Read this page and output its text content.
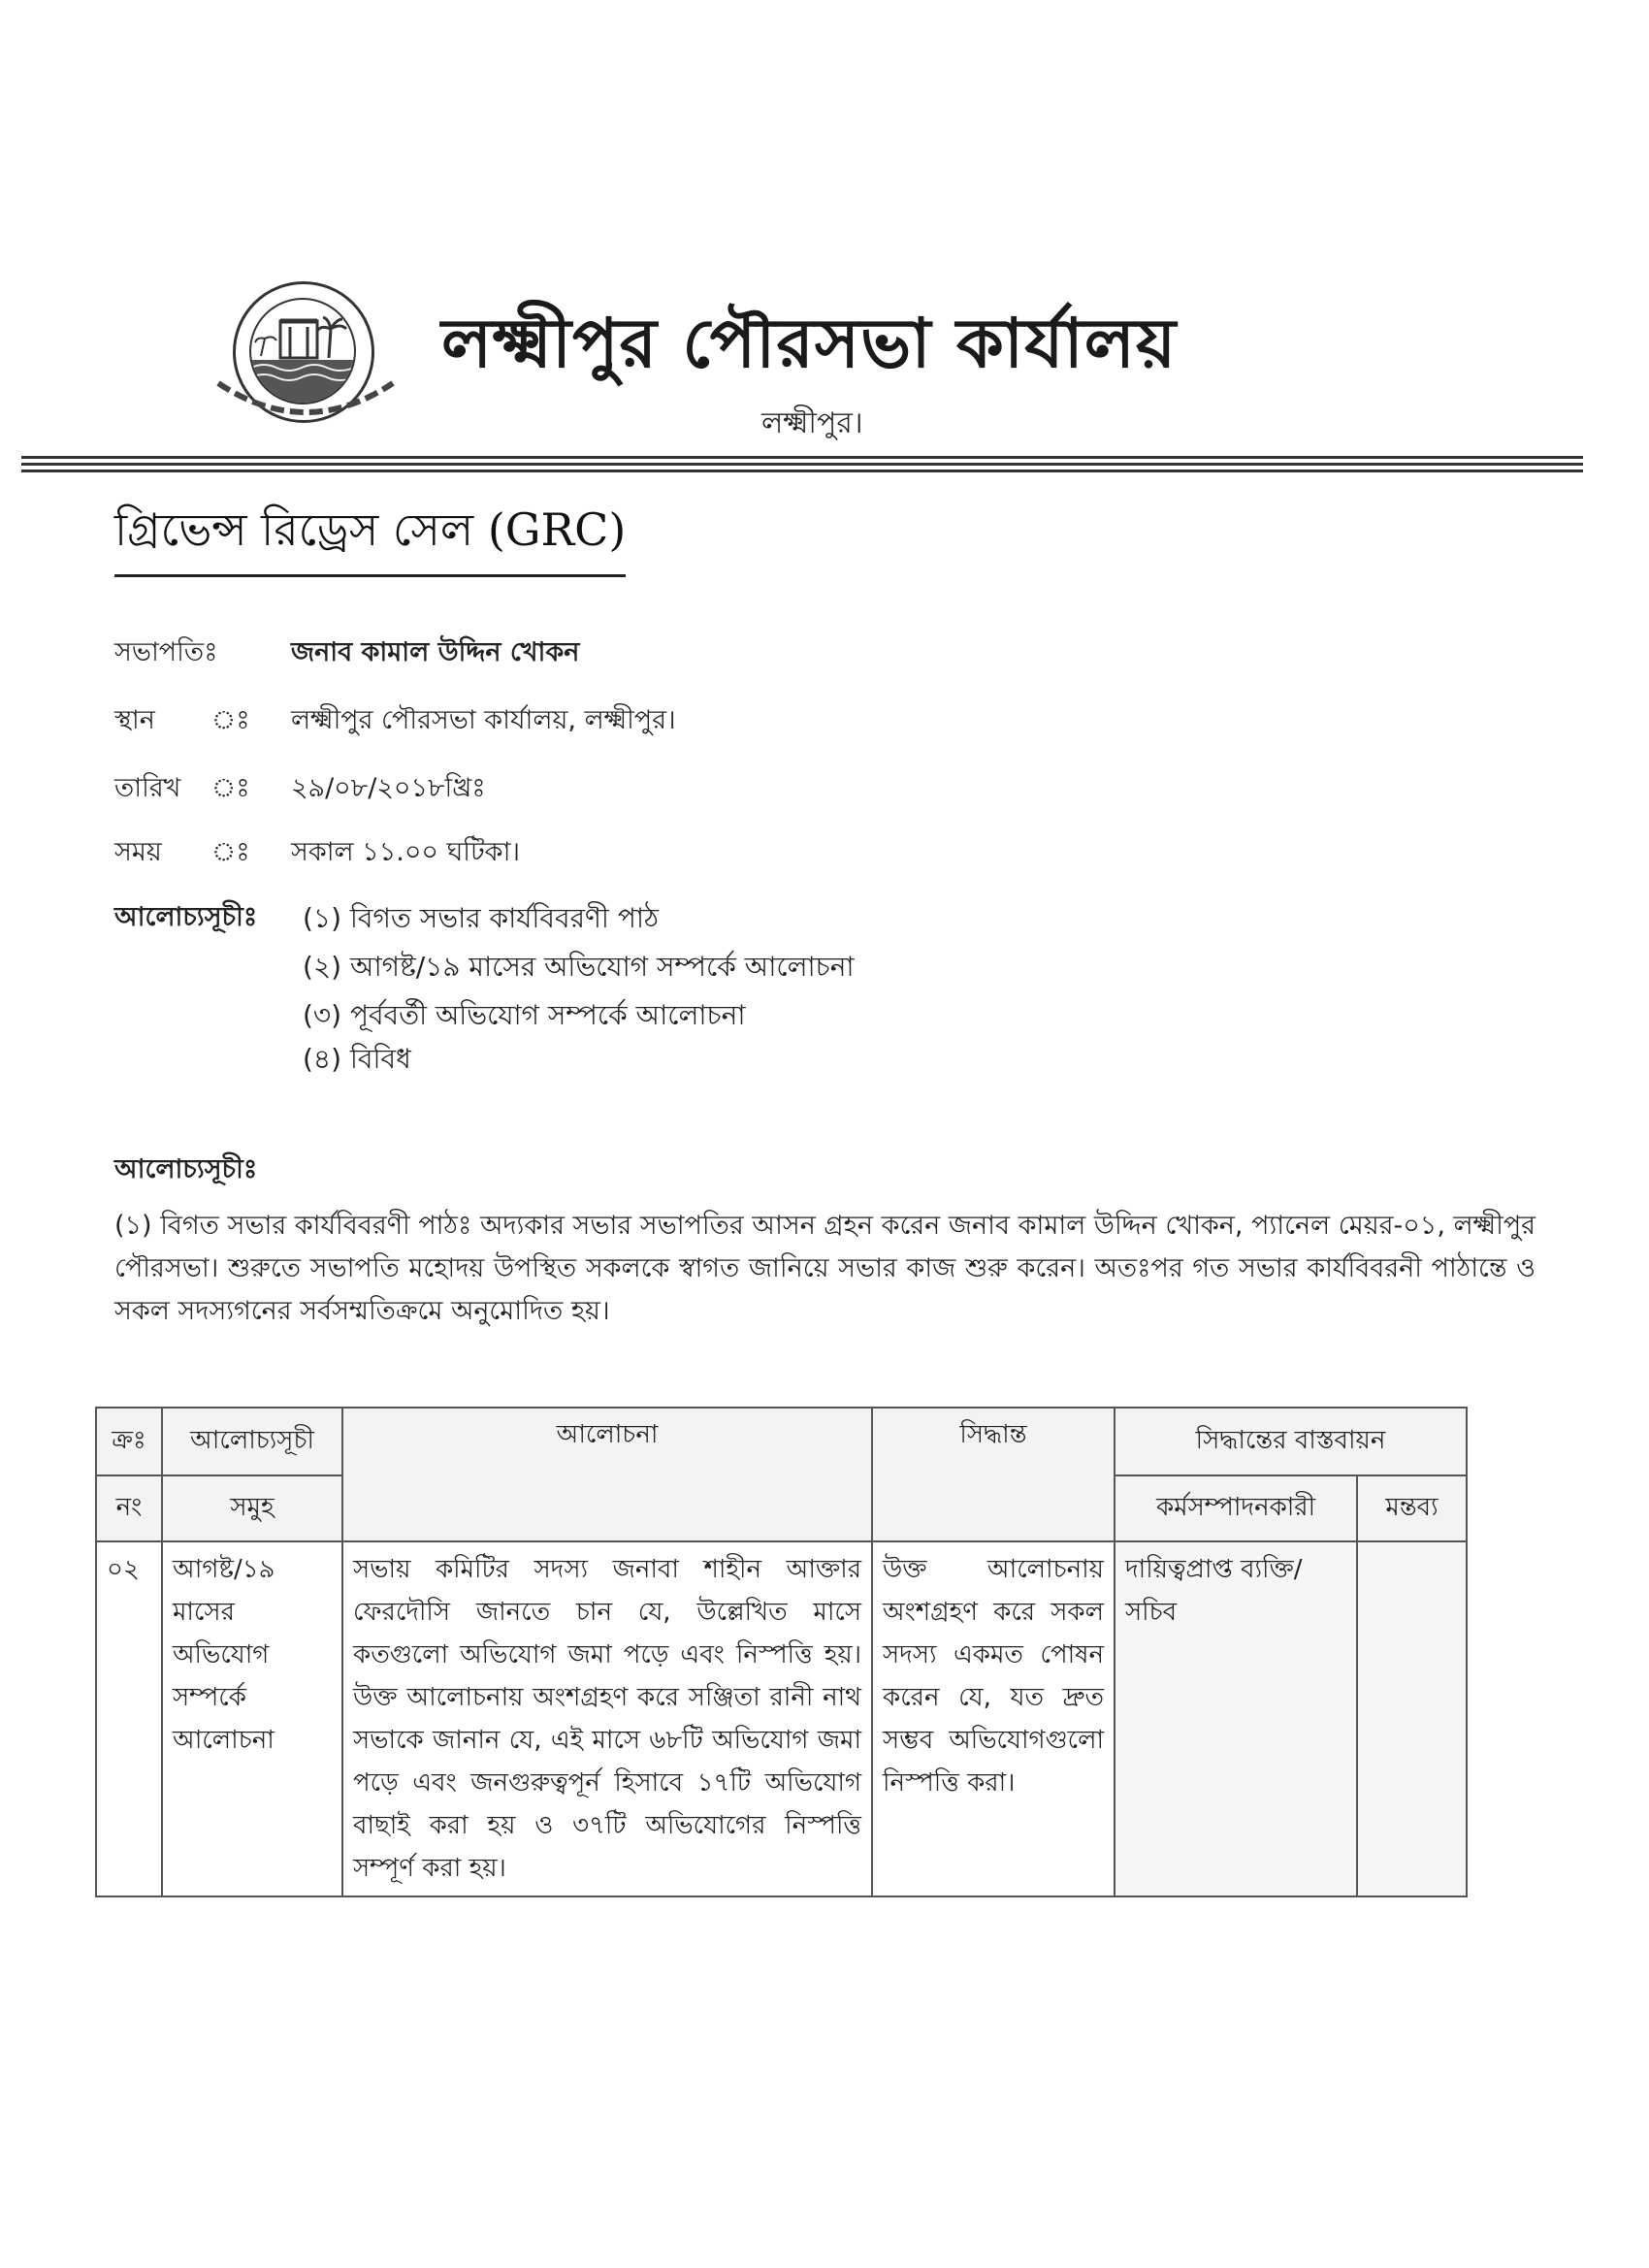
লক্ষ্মীপুর পৌরসভা কার্যালয়
লক্ষ্মীপুর।
গ্রিভেন্স রিড্রেস সেল (GRC)
সভাপতিঃ	জনাব কামাল উদ্দিন খোকন
স্থান ঃ লক্ষ্মীপুর পৌরসভা কার্যালয়, লক্ষ্মীপুর।
তারিখ ঃ ২৯/০৮/২০১৮খ্রিঃ
সময় ঃ সকাল ১১.০০ ঘটিকা।
আলোচ্যসূচীঃ (১) বিগত সভার কার্যবিবরণী পাঠ
(২) আগষ্ট/১৯ মাসের অভিযোগ সম্পর্কে আলোচনা
(৩) পূর্ববর্তী অভিযোগ সম্পর্কে আলোচনা
(৪) বিবিধ
আলোচ্যসূচীঃ
(১) বিগত সভার কার্যবিবরণী পাঠঃ অদ্যকার সভার সভাপতির আসন গ্রহন করেন জনাব কামাল উদ্দিন খোকন, প্যানেল মেয়র-০১, লক্ষ্মীপুর পৌরসভা। শুরুতে সভাপতি মহোদয় উপস্থিত সকলকে স্বাগত জানিয়ে সভার কাজ শুরু করেন। অতঃপর গত সভার কার্যবিবরনী পাঠান্তে ও সকল সদস্যগনের সর্বসম্মতিক্রমে অনুমোদিত হয়।
ক্রঃ	আলোচ্যসূচী	আলোচনা	সিদ্ধান্ত	সিদ্ধান্তের বাস্তবায়ন	
নং	সমুহ			কর্মসম্পাদনকারী	মন্তব্য

০২	আগষ্ট/১৯ মাসের অভিযোগ সম্পর্কে আলোচনা	সভায় কমিটির সদস্য জনাবা শাহীন আক্তার ফেরদৌসি জানতে চান যে, উল্লেখিত মাসে কতগুলো অভিযোগ জমা পড়ে এবং নিস্পত্তি হয়। উক্ত আলোচনায় অংশগ্রহণ করে সঞ্জিতা রানী নাথ সভাকে জানান যে, এই মাসে ৬৮টি অভিযোগ জমা পড়ে এবং জনগুরুত্বপূর্ন হিসাবে ১৭টি অভিযোগ বাছাই করা হয় ও ৩৭টি অভিযোগের নিস্পত্তি সম্পূর্ণ করা হয়।	উক্ত আলোচনায় অংশগ্রহণ করে সকল সদস্য একমত পোষন করেন যে, যত দ্রুত সম্ভব অভিযোগগুলো নিস্পত্তি করা।	দায়িত্বপ্রাপ্ত ব্যক্তি/ সচিব	
